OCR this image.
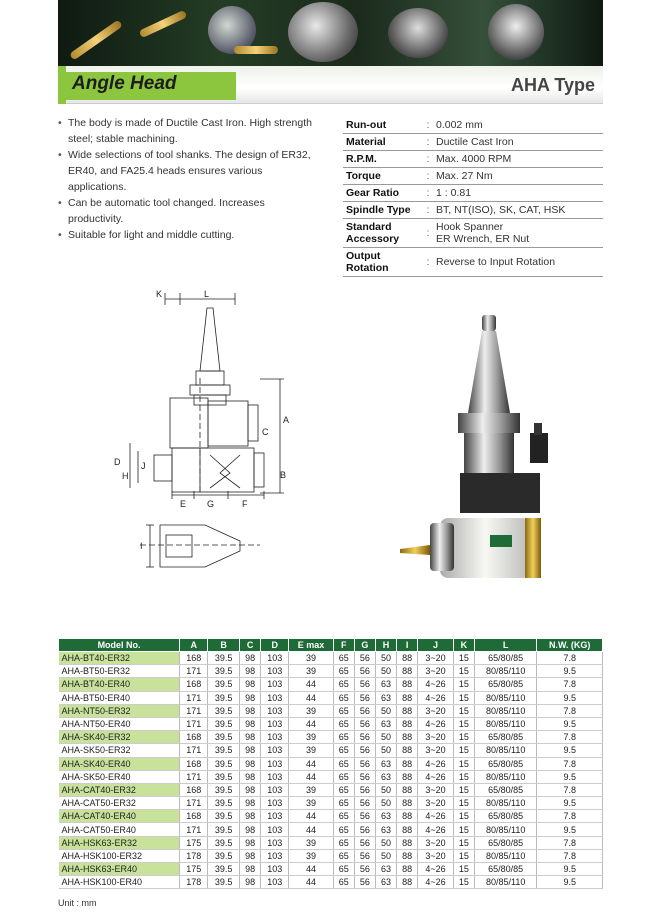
Angle Head	AHA Type
• The body is made of Ductile Cast Iron. High strength steel; stable machining.
• Wide selections of tool shanks. The design of ER32, ER40, and FA25.4 heads ensures various applications.
• Can be automatic tool changed. Increases productivity.
• Suitable for light and middle cutting.
Run-out	:	0.002 mm
Material	:	Ductile Cast Iron
R.P.M.	:	Max. 4000 RPM
Torque	:	Max. 27 Nm
Gear Ratio	:	1 : 0.81
Spindle Type	:	BT, NT(ISO), SK, CAT, HSK
Standard Accessory	:	Hook Spanner
ER Wrench, ER Nut
Output Rotation	:	Reverse to Input Rotation
K	L
A
C
D J
H	B
E G	F
I
Model No.	A	B	C	D	E max	F	G	H	I	J	K	L	N.W. (KG)
AHA-BT40-ER32	168	39.5	98	103	39	65	56	50	88	3~20	15	65/80/85	7.8
AHA-BT50-ER32	171	39.5	98	103	39	65	56	50	88	3~20	15	80/85/110	9.5
AHA-BT40-ER40	168	39.5	98	103	44	65	56	63	88	4~26	15	65/80/85	7.8
AHA-BT50-ER40	171	39.5	98	103	44	65	56	63	88	4~26	15	80/85/110	9.5
AHA-NT50-ER32	171	39.5	98	103	39	65	56	50	88	3~20	15	80/85/110	7.8
AHA-NT50-ER40	171	39.5	98	103	44	65	56	63	88	4~26	15	80/85/110	9.5
AHA-SK40-ER32	168	39.5	98	103	39	65	56	50	88	3~20	15	65/80/85	7.8
AHA-SK50-ER32	171	39.5	98	103	39	65	56	50	88	3~20	15	80/85/110	9.5
AHA-SK40-ER40	168	39.5	98	103	44	65	56	63	88	4~26	15	65/80/85	7.8
AHA-SK50-ER40	171	39.5	98	103	44	65	56	63	88	4~26	15	80/85/110	9.5
AHA-CAT40-ER32	168	39.5	98	103	39	65	56	50	88	3~20	15	65/80/85	7.8
AHA-CAT50-ER32	171	39.5	98	103	39	65	56	50	88	3~20	15	80/85/110	9.5
AHA-CAT40-ER40	168	39.5	98	103	44	65	56	63	88	4~26	15	65/80/85	7.8
AHA-CAT50-ER40	171	39.5	98	103	44	65	56	63	88	4~26	15	80/85/110	9.5
AHA-HSK63-ER32	175	39.5	98	103	39	65	56	50	88	3~20	15	65/80/85	7.8
AHA-HSK100-ER32	178	39.5	98	103	39	65	56	50	88	3~20	15	80/85/110	7.8
AHA-HSK63-ER40	175	39.5	98	103	44	65	56	63	88	4~26	15	65/80/85	9.5
AHA-HSK100-ER40	178	39.5	98	103	44	65	56	63	88	4~26	15	80/85/110	9.5
Unit : mm
